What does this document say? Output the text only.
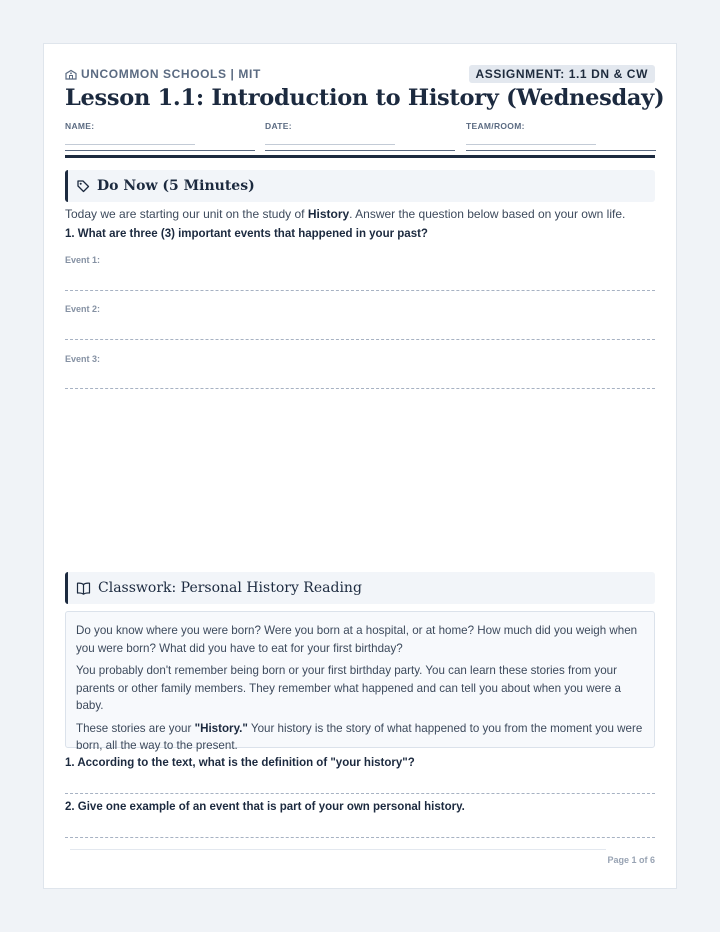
UNCOMMON SCHOOLS | MIT	ASSIGNMENT: 1.1 DN & CW
Lesson 1.1: Introduction to History (Wednesday)
NAME:	DATE:	TEAM/ROOM:
Do Now (5 Minutes)
Today we are starting our unit on the study of History. Answer the question below based on your own life.
1. What are three (3) important events that happened in your past?
Event 1:
Event 2:
Event 3:
Classwork: Personal History Reading

Do you know where you were born? Were you born at a hospital, or at home? How much did you weigh when you were born? What did you have to eat for your first birthday?

You probably don't remember being born or your first birthday party. You can learn these stories from your parents or other family members. They remember what happened and can tell you about when you were a baby.

These stories are your "History." Your history is the story of what happened to you from the moment you were born, all the way to the present.

1. According to the text, what is the definition of "your history"?
2. Give one example of an event that is part of your own personal history.
Page 1 of 6
